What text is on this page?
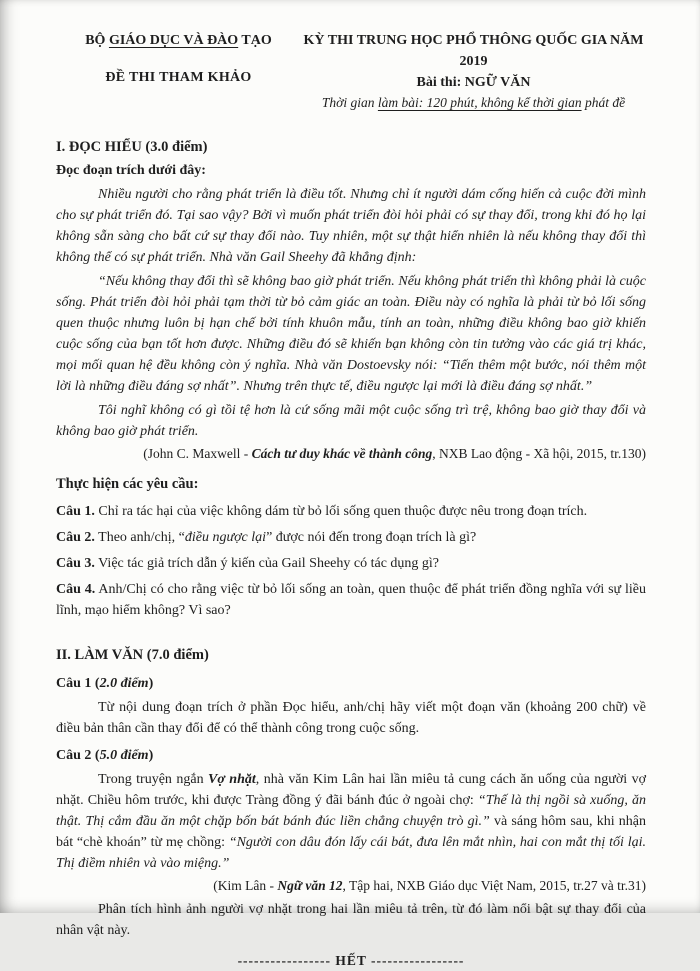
BỘ GIÁO DỤC VÀ ĐÀO TẠO

ĐỀ THI THAM KHẢO

KỲ THI TRUNG HỌC PHỔ THÔNG QUỐC GIA NĂM 2019

Bài thi: NGỮ VĂN

Thời gian làm bài: 120 phút, không kể thời gian phát đề

I. ĐỌC HIỂU (3.0 điểm)

Đọc đoạn trích dưới đây:

Nhiều người cho rằng phát triển là điều tốt. Nhưng chỉ ít người dám cống hiến cả cuộc đời mình cho sự phát triển đó. Tại sao vậy? Bởi vì muốn phát triển đòi hỏi phải có sự thay đổi, trong khi đó họ lại không sẵn sàng cho bất cứ sự thay đổi nào. Tuy nhiên, một sự thật hiển nhiên là nếu không thay đổi thì không thể có sự phát triển. Nhà văn Gail Sheehy đã khẳng định:

“Nếu không thay đổi thì sẽ không bao giờ phát triển. Nếu không phát triển thì không phải là cuộc sống. Phát triển đòi hỏi phải tạm thời từ bỏ cảm giác an toàn. Điều này có nghĩa là phải từ bỏ lối sống quen thuộc nhưng luôn bị hạn chế bởi tính khuôn mẫu, tính an toàn, những điều không bao giờ khiến cuộc sống của bạn tốt hơn được. Những điều đó sẽ khiến bạn không còn tin tưởng vào các giá trị khác, mọi mối quan hệ đều không còn ý nghĩa. Nhà văn Dostoevsky nói: “Tiến thêm một bước, nói thêm một lời là những điều đáng sợ nhất”. Nhưng trên thực tế, điều ngược lại mới là điều đáng sợ nhất.”

Tôi nghĩ không có gì tồi tệ hơn là cứ sống mãi một cuộc sống trì trệ, không bao giờ thay đổi và không bao giờ phát triển.

(John C. Maxwell - Cách tư duy khác về thành công, NXB Lao động - Xã hội, 2015, tr.130)

Thực hiện các yêu cầu:

Câu 1. Chỉ ra tác hại của việc không dám từ bỏ lối sống quen thuộc được nêu trong đoạn trích.

Câu 2. Theo anh/chị, “điều ngược lại” được nói đến trong đoạn trích là gì?

Câu 3. Việc tác giả trích dẫn ý kiến của Gail Sheehy có tác dụng gì?

Câu 4. Anh/Chị có cho rằng việc từ bỏ lối sống an toàn, quen thuộc để phát triển đồng nghĩa với sự liều lĩnh, mạo hiểm không? Vì sao?

II. LÀM VĂN (7.0 điểm)

Câu 1 (2.0 điểm)

Từ nội dung đoạn trích ở phần Đọc hiểu, anh/chị hãy viết một đoạn văn (khoảng 200 chữ) về điều bản thân cần thay đổi để có thể thành công trong cuộc sống.

Câu 2 (5.0 điểm)

Trong truyện ngắn Vợ nhặt, nhà văn Kim Lân hai lần miêu tả cung cách ăn uống của người vợ nhặt. Chiều hôm trước, khi được Tràng đồng ý đãi bánh đúc ở ngoài chợ: “Thế là thị ngồi sà xuống, ăn thật. Thị cắm đầu ăn một chặp bốn bát bánh đúc liền chẳng chuyện trò gì.” và sáng hôm sau, khi nhận bát “chè khoán” từ mẹ chồng: “Người con dâu đón lấy cái bát, đưa lên mắt nhìn, hai con mắt thị tối lại. Thị điềm nhiên và vào miệng.”

(Kim Lân - Ngữ văn 12, Tập hai, NXB Giáo dục Việt Nam, 2015, tr.27 và tr.31)

Phân tích hình ảnh người vợ nhặt trong hai lần miêu tả trên, từ đó làm nổi bật sự thay đổi của nhân vật này.

----------------- HẾT -----------------
